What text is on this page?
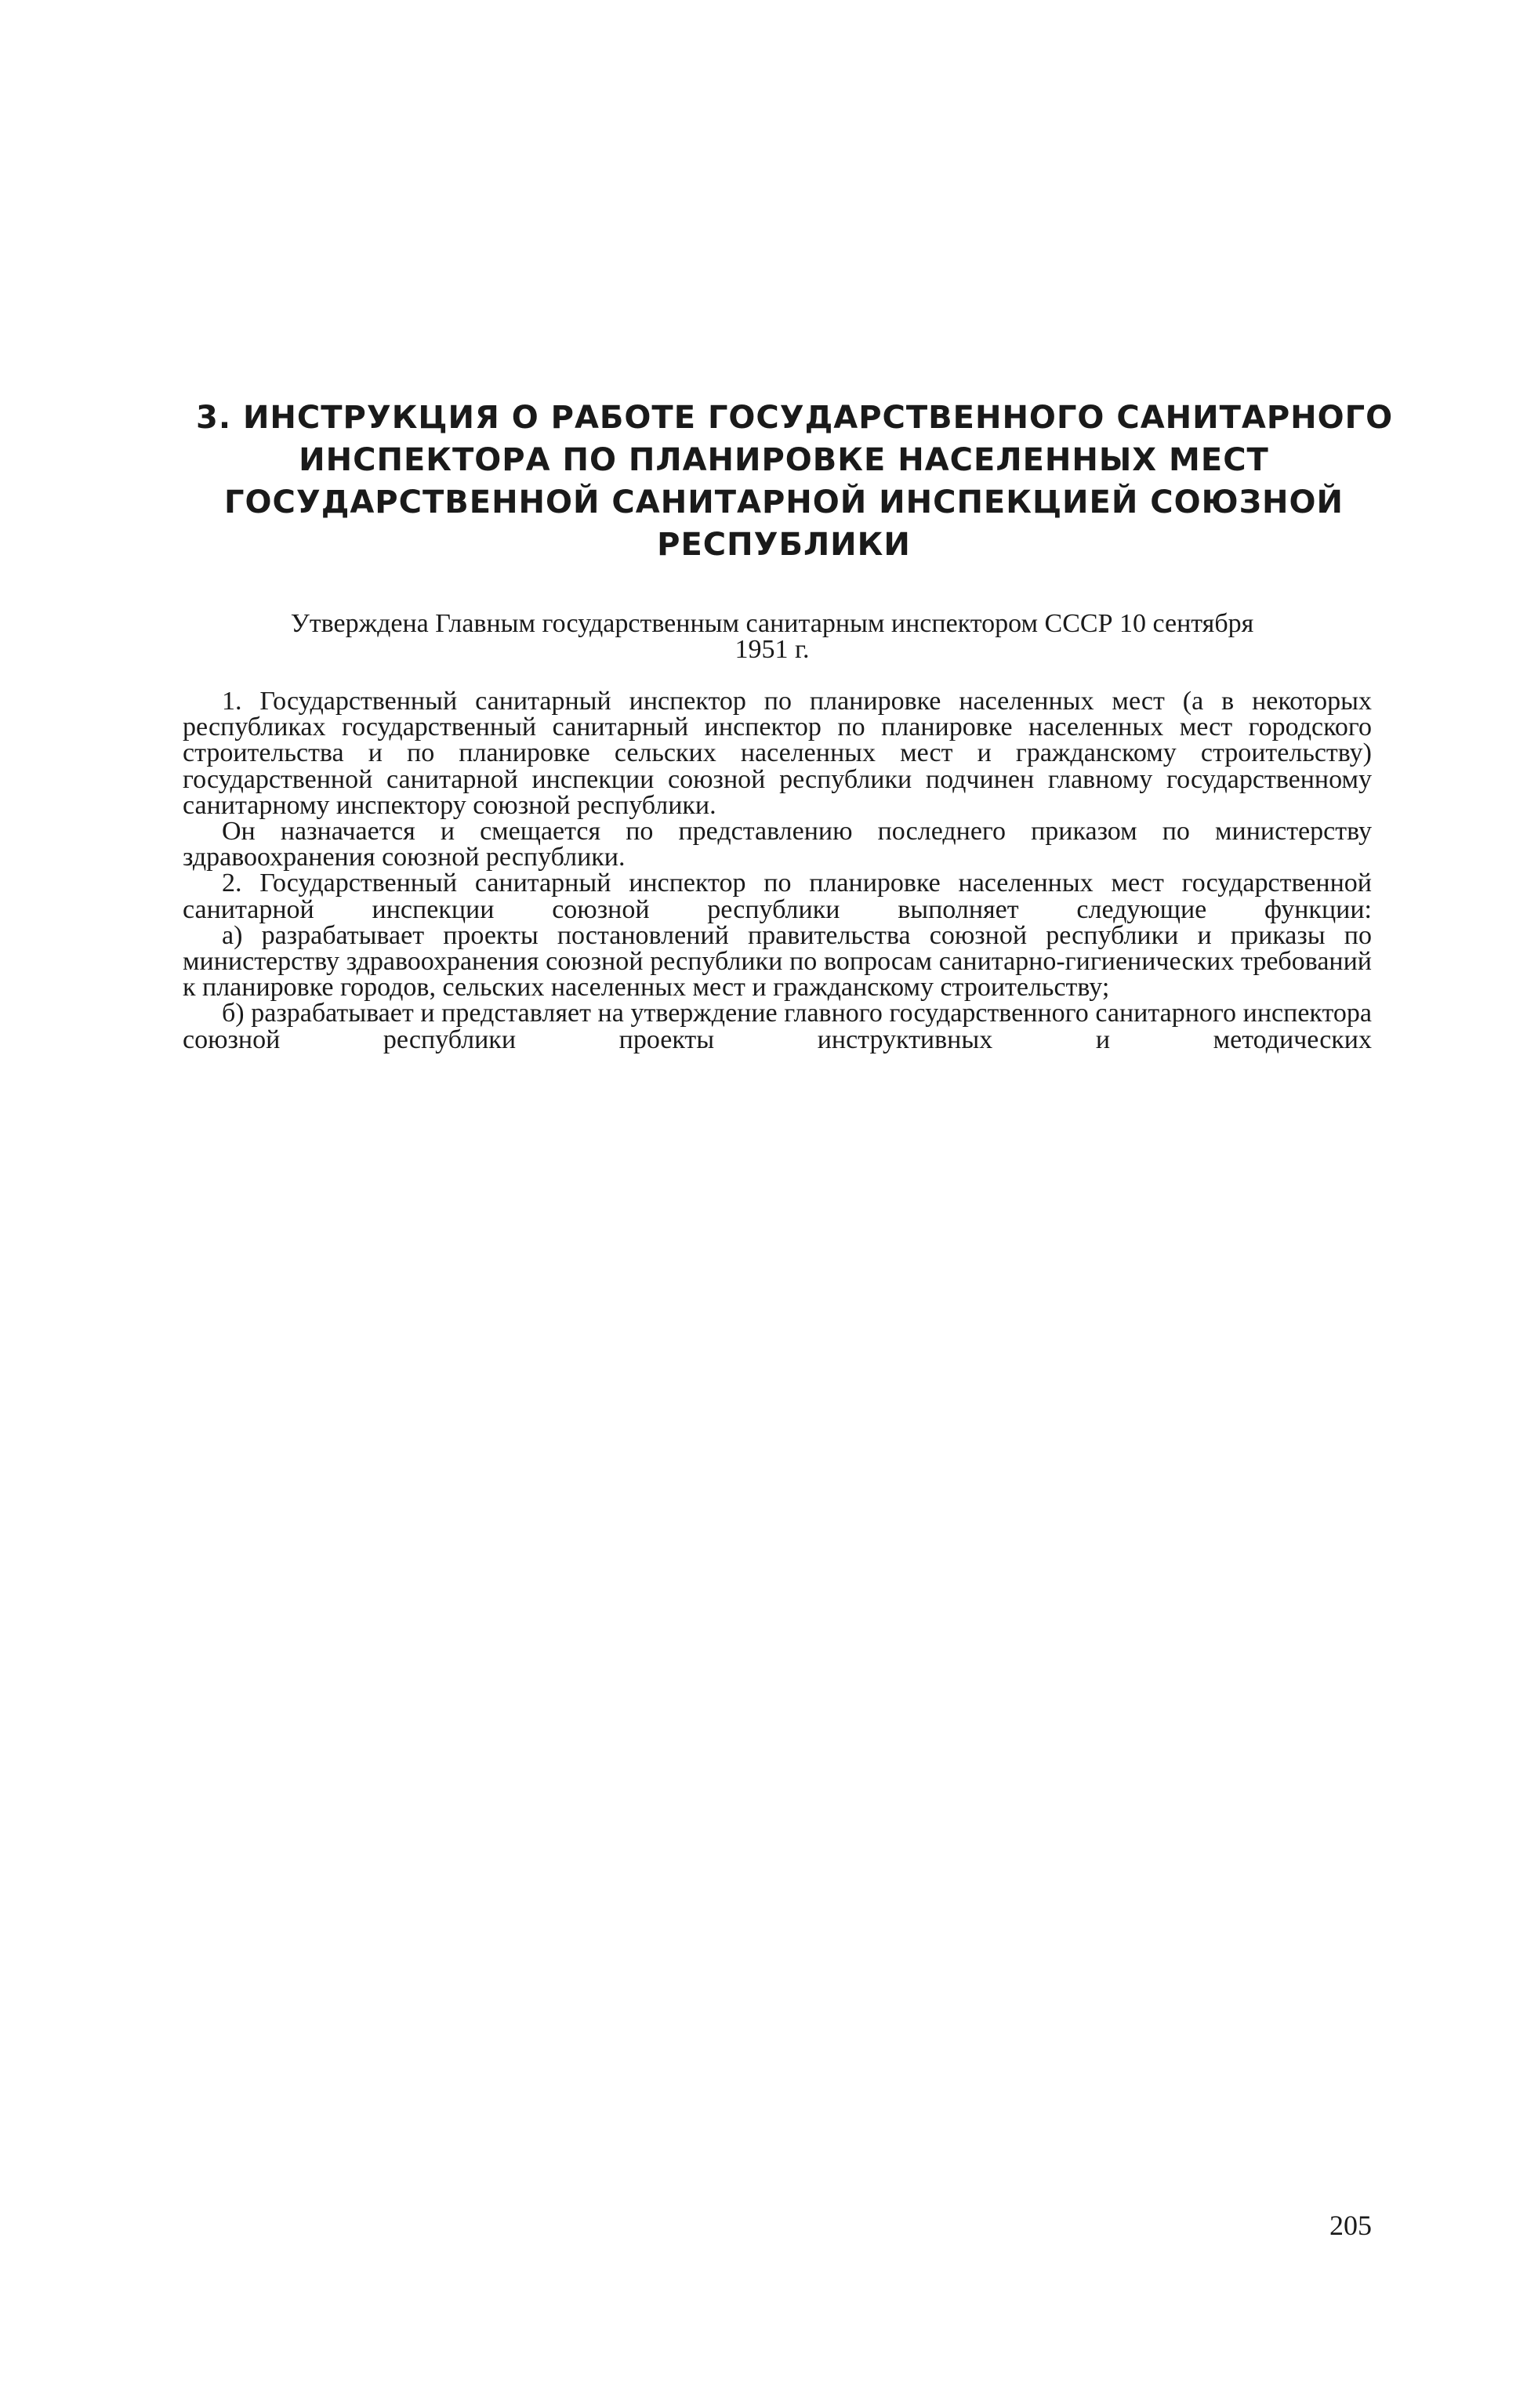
3. ИНСТРУКЦИЯ О РАБОТЕ ГОСУДАРСТВЕННОГО САНИТАРНОГО
ИНСПЕКТОРА ПО ПЛАНИРОВКЕ НАСЕЛЕННЫХ МЕСТ
ГОСУДАРСТВЕННОЙ САНИТАРНОЙ ИНСПЕКЦИЕЙ СОЮЗНОЙ
РЕСПУБЛИКИ

Утверждена Главным государственным санитарным инспектором СССР 10 сентября
1951 г.

1. Государственный санитарный инспектор по планировке населенных мест (а в некоторых республиках государственный санитарный инспектор по планировке населенных мест городского строительства и по планировке сельских населенных мест и гражданскому строительству) государственной санитарной инспекции союзной республики подчинен главному государственному санитарному инспектору союзной республики.

Он назначается и смещается по представлению последнего приказом по министерству здравоохранения союзной республики.

2. Государственный санитарный инспектор по планировке населенных мест государственной санитарной инспекции союзной республики выполняет следующие функции:

а) разрабатывает проекты постановлений правительства союзной республики и приказы по министерству здравоохранения союзной республики по вопросам санитарно-гигиенических требований к планировке городов, сельских населенных мест и гражданскому строительству;

б) разрабатывает и представляет на утверждение главного государственного санитарного инспектора союзной республики проекты инструктивных и методических

205
